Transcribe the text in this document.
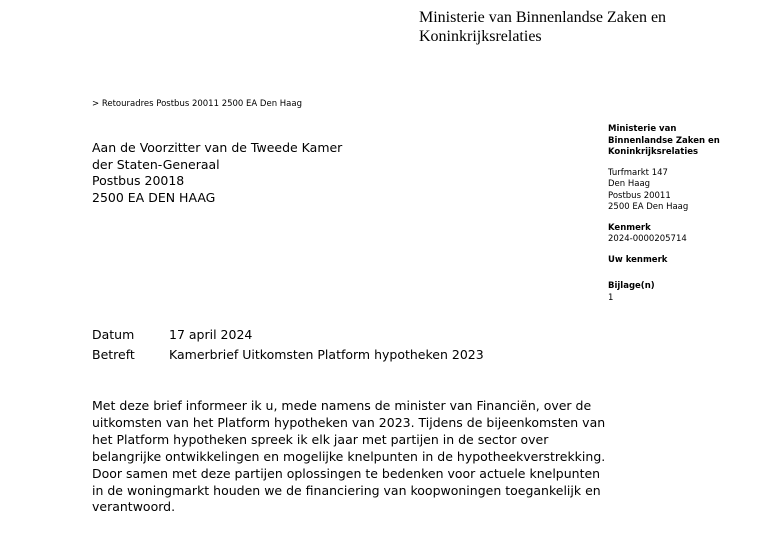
Ministerie van Binnenlandse Zaken en
Koninkrijksrelaties
> Retouradres Postbus 20011 2500 EA Den Haag
Aan de Voorzitter van de Tweede Kamer
der Staten-Generaal
Postbus 20018
2500 EA DEN HAAG
Ministerie van
Binnenlandse Zaken en
Koninkrijksrelaties
Turfmarkt 147
Den Haag
Postbus 20011
2500 EA Den Haag
Kenmerk
2024-0000205714
Uw kenmerk
Bijlage(n)
1
Datum	17 april 2024
Betreft	Kamerbrief Uitkomsten Platform hypotheken 2023
Met deze brief informeer ik u, mede namens de minister van Financiën, over de
uitkomsten van het Platform hypotheken van 2023. Tijdens de bijeenkomsten van
het Platform hypotheken spreek ik elk jaar met partijen in de sector over
belangrijke ontwikkelingen en mogelijke knelpunten in de hypotheekverstrekking.
Door samen met deze partijen oplossingen te bedenken voor actuele knelpunten
in de woningmarkt houden we de financiering van koopwoningen toegankelijk en
verantwoord.
